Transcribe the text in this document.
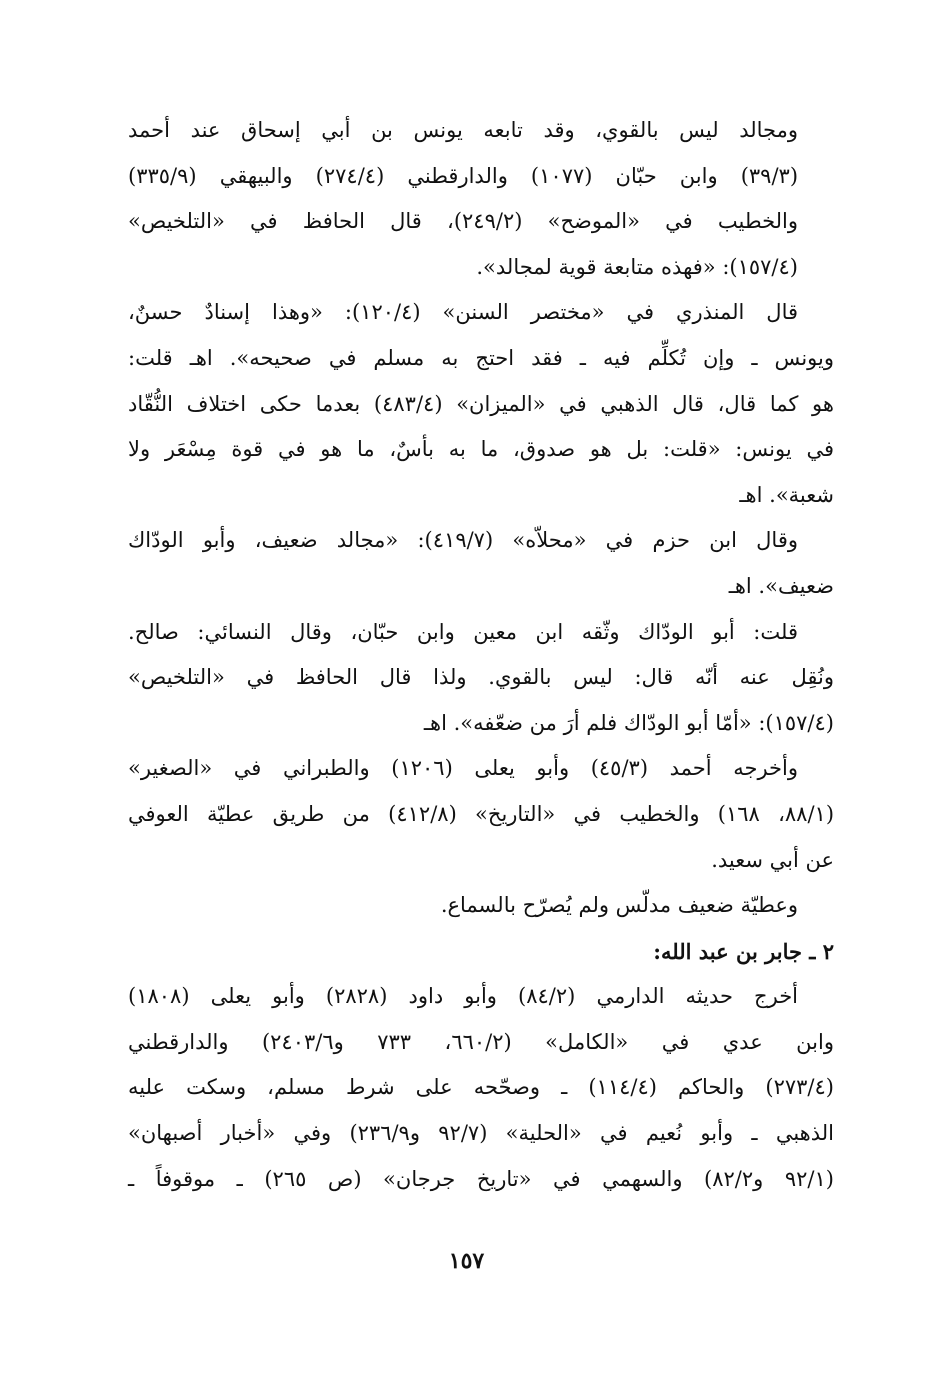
ومجالد ليس بالقوي، وقد تابعه يونس بن أبي إسحاق عند أحمد
(٣٩/٣) وابن حبّان (١٠٧٧) والدارقطني (٢٧٤/٤) والبيهقي (٣٣٥/٩)
والخطيب في «الموضح» (٢٤٩/٢)، قال الحافظ في «التلخيص»
(١٥٧/٤): «فهذه متابعة قوية لمجالد».
قال المنذري في «مختصر السنن» (١٢٠/٤): «وهذا إسنادٌ حسنٌ،
ويونس ـ وإن تُكلِّم فيه ـ فقد احتج به مسلم في صحيحه». اهـ قلت:
هو كما قال، قال الذهبي في «الميزان» (٤٨٣/٤) بعدما حكى اختلاف النُّقّاد
في يونس: «قلت: بل هو صدوق، ما به بأسٌ، ما هو في قوة مِسْعَر ولا
شعبة». اهـ
وقال ابن حزم في «محلاّه» (٤١٩/٧): «مجالد ضعيف، وأبو الودّاك
ضعيف». اهـ
قلت: أبو الودّاك وثّقه ابن معين وابن حبّان، وقال النسائي: صالح.
ونُقِل عنه أنّه قال: ليس بالقوي. ولذا قال الحافظ في «التلخيص»
(١٥٧/٤): «أمّا أبو الودّاك فلم أرَ من ضعّفه». اهـ
وأخرجه أحمد (٤٥/٣) وأبو يعلى (١٢٠٦) والطبراني في «الصغير»
(٨٨/١، ١٦٨) والخطيب في «التاريخ» (٤١٢/٨) من طريق عطيّة العوفي
عن أبي سعيد.
وعطيّة ضعيف مدلّس ولم يُصرّح بالسماع.
٢ ـ جابر بن عبد الله:
أخرج حديثه الدارمي (٨٤/٢) وأبو داود (٢٨٢٨) وأبو يعلى (١٨٠٨)
وابن عدي في «الكامل» (٦٦٠/٢، ٧٣٣ و٢٤٠٣/٦) والدارقطني
(٢٧٣/٤) والحاكم (١١٤/٤) ـ وصحّحه على شرط مسلم، وسكت عليه
الذهبي ـ وأبو نُعيم في «الحلية» (٩٢/٧ و٢٣٦/٩) وفي «أخبار أصبهان»
(٩٢/١ و٨٢/٢) والسهمي في «تاريخ جرجان» (ص ٢٦٥) ـ موقوفاً ـ
١٥٧
